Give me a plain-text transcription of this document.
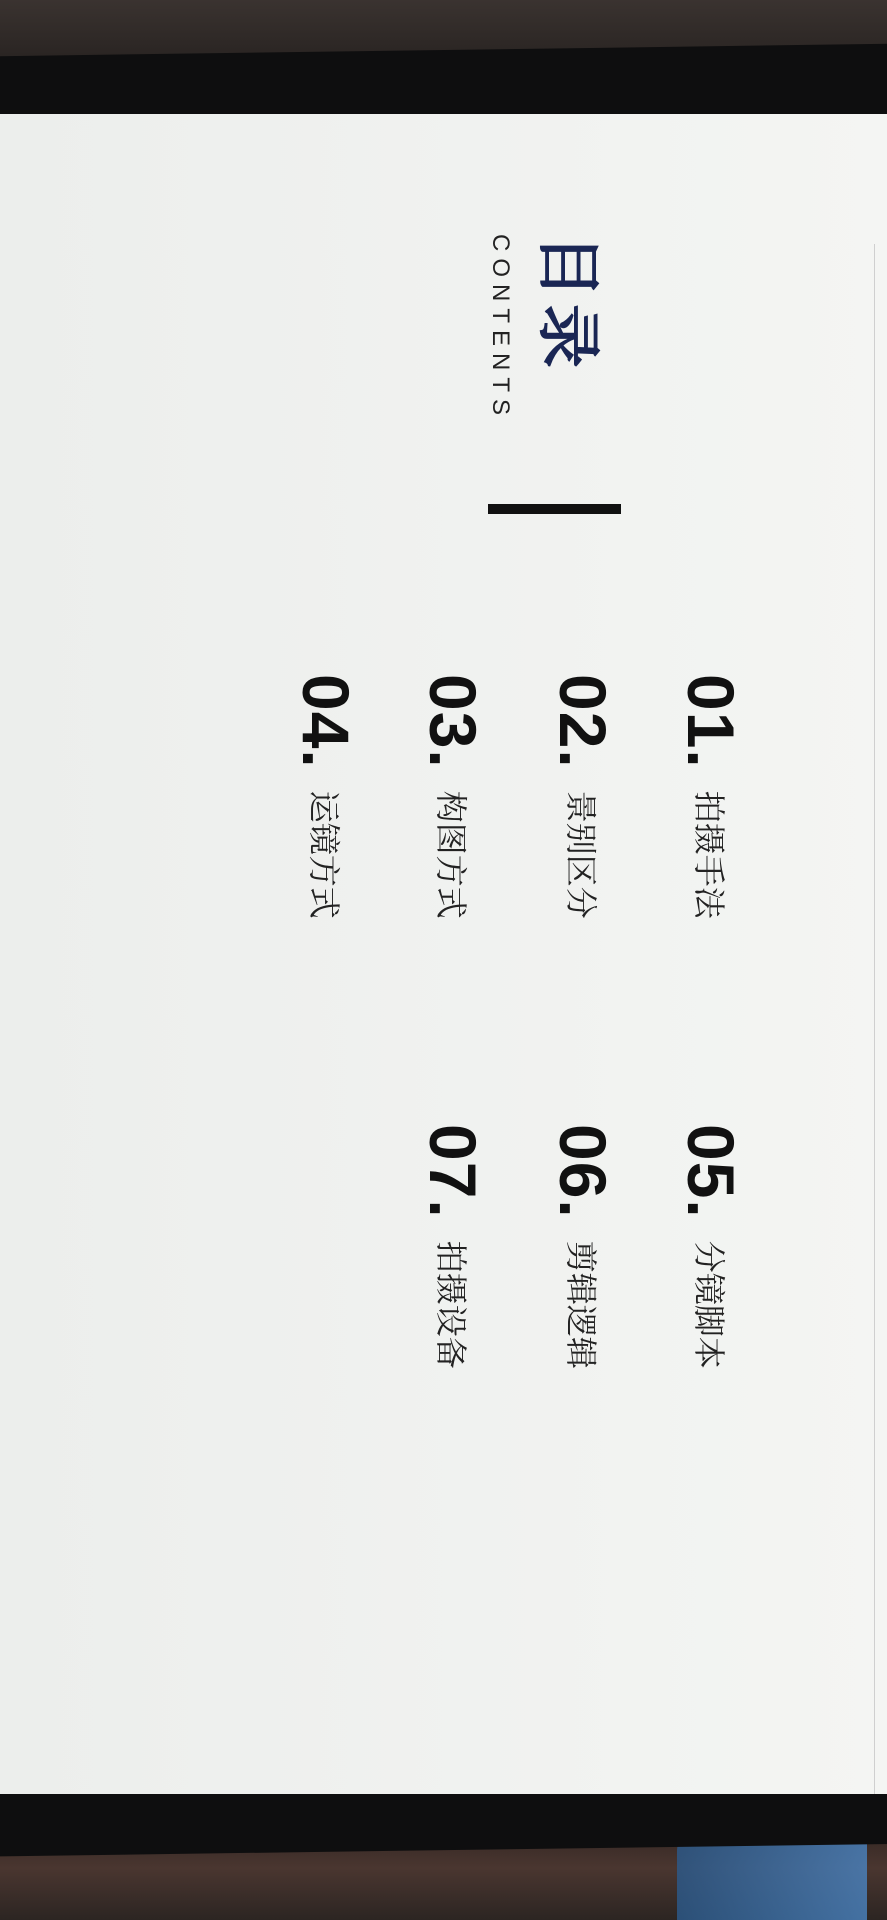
目录
CONTENTS
01.
拍摄手法
02.
景别区分
03.
构图方式
04.
运镜方式
05.
分镜脚本
06.
剪辑逻辑
07.
拍摄设备
